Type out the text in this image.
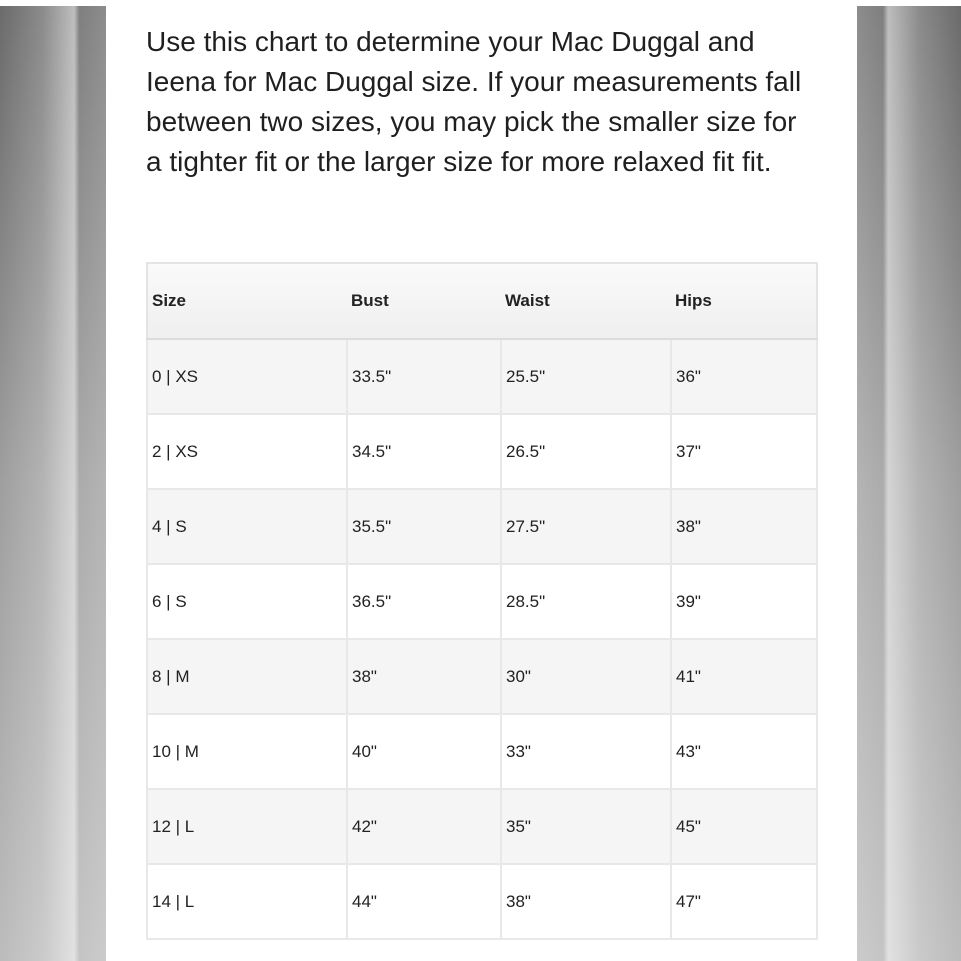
Use this chart to determine your Mac Duggal and Ieena for Mac Duggal size. If your measurements fall between two sizes, you may pick the smaller size for a tighter fit or the larger size for more relaxed fit fit.

Size	Bust	Waist	Hips
0 | XS	33.5"	25.5"	36"
2 | XS	34.5"	26.5"	37"
4 | S	35.5"	27.5"	38"
6 | S	36.5"	28.5"	39"
8 | M	38"	30"	41"
10 | M	40"	33"	43"
12 | L	42"	35"	45"
14 | L	44"	38"	47"
